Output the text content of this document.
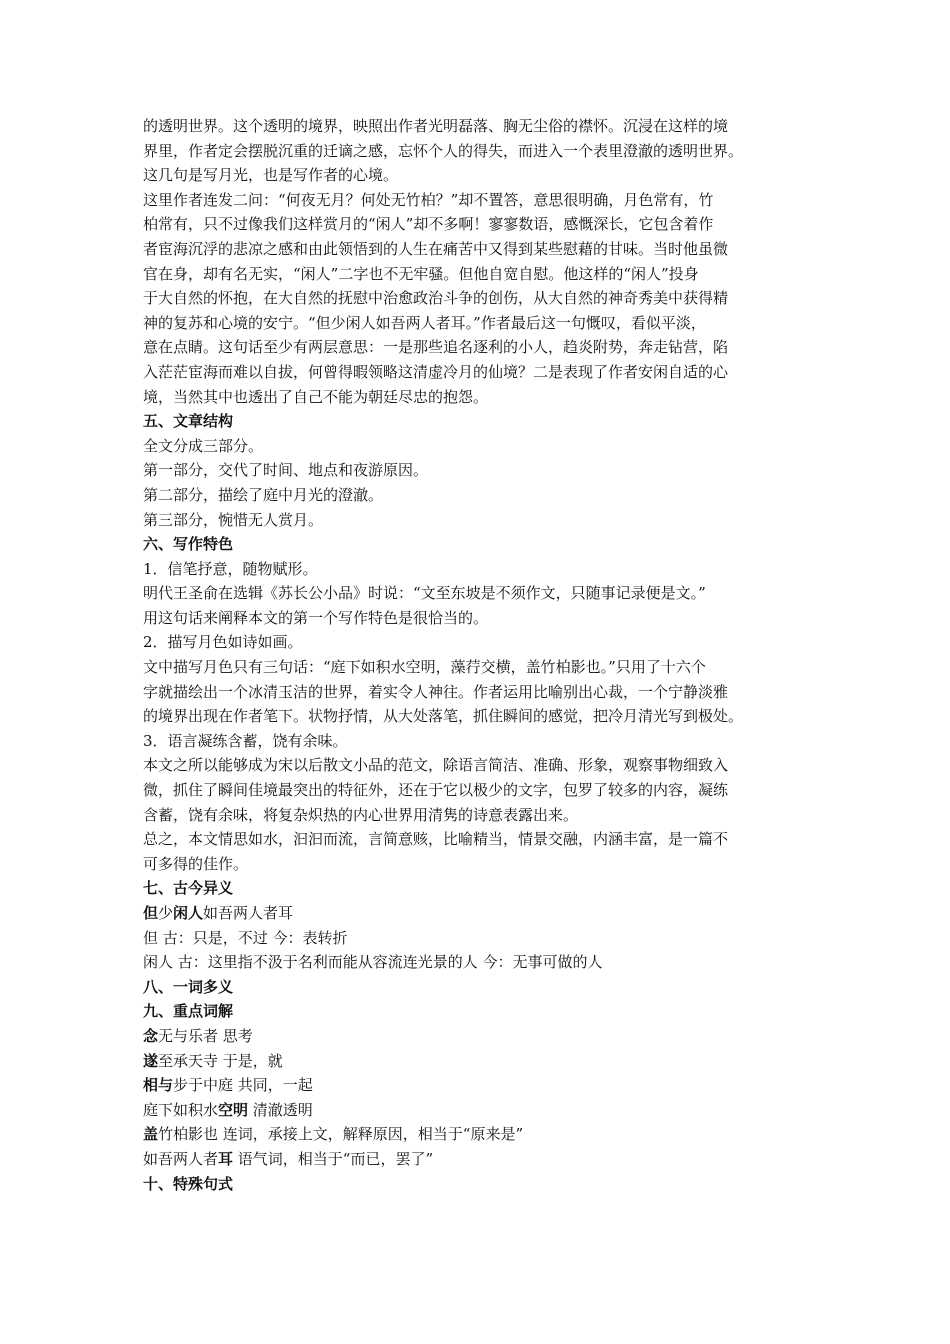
的透明世界。这个透明的境界，映照出作者光明磊落、胸无尘俗的襟怀。沉浸在这样的境
界里，作者定会摆脱沉重的迁谪之感，忘怀个人的得失，而进入一个表里澄澈的透明世界。
这几句是写月光，也是写作者的心境。
这里作者连发二问：“何夜无月？何处无竹柏？”却不置答，意思很明确，月色常有，竹
柏常有，只不过像我们这样赏月的“闲人”却不多啊！寥寥数语，感慨深长，它包含着作
者宦海沉浮的悲凉之感和由此领悟到的人生在痛苦中又得到某些慰藉的甘味。当时他虽微
官在身，却有名无实，“闲人”二字也不无牢骚。但他自宽自慰。他这样的“闲人”投身
于大自然的怀抱，在大自然的抚慰中治愈政治斗争的创伤，从大自然的神奇秀美中获得精
神的复苏和心境的安宁。“但少闲人如吾两人者耳。”作者最后这一句慨叹，看似平淡，
意在点睛。这句话至少有两层意思：一是那些追名逐利的小人，趋炎附势，奔走钻营，陷
入茫茫宦海而难以自拔，何曾得暇领略这清虚冷月的仙境？二是表现了作者安闲自适的心
境，当然其中也透出了自己不能为朝廷尽忠的抱怨。
五、文章结构
全文分成三部分。
第一部分，交代了时间、地点和夜游原因。
第二部分，描绘了庭中月光的澄澈。
第三部分，惋惜无人赏月。
六、写作特色
1．信笔抒意，随物赋形。
明代王圣俞在选辑《苏长公小品》时说：“文至东坡是不须作文，只随事记录便是文。”
用这句话来阐释本文的第一个写作特色是很恰当的。
2．描写月色如诗如画。
文中描写月色只有三句话：“庭下如积水空明，藻荇交横，盖竹柏影也。”只用了十六个
字就描绘出一个冰清玉洁的世界，着实令人神往。作者运用比喻别出心裁，一个宁静淡雅
的境界出现在作者笔下。状物抒情，从大处落笔，抓住瞬间的感觉，把冷月清光写到极处。
3．语言凝练含蓄，饶有余味。
本文之所以能够成为宋以后散文小品的范文，除语言简洁、准确、形象，观察事物细致入
微，抓住了瞬间佳境最突出的特征外，还在于它以极少的文字，包罗了较多的内容，凝练
含蓄，饶有余味，将复杂炽热的内心世界用清隽的诗意表露出来。
总之，本文情思如水，汩汩而流，言简意赅，比喻精当，情景交融，内涵丰富，是一篇不
可多得的佳作。
七、古今异义
但少闲人如吾两人者耳
但 古：只是，不过 今：表转折
闲人 古：这里指不汲于名利而能从容流连光景的人 今：无事可做的人
八、一词多义
九、重点词解
念无与乐者 思考
遂至承天寺 于是，就
相与步于中庭 共同，一起
庭下如积水空明 清澈透明
盖竹柏影也 连词，承接上文，解释原因，相当于“原来是”
如吾两人者耳 语气词，相当于“而已，罢了”
十、特殊句式
